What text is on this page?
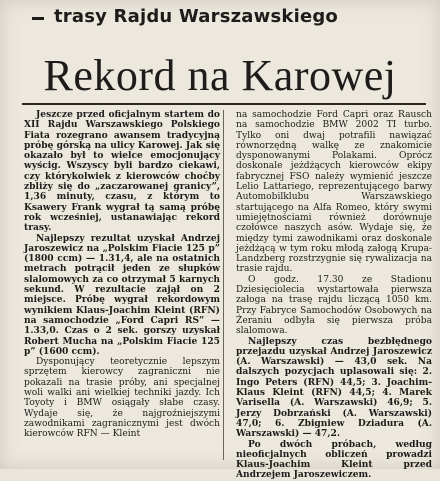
trasy Rajdu Warszawskiego
Rekord na Karowej

Jeszcze przed oficjalnym startem do XII Rajdu Warszawskiego Polskiego Fiata rozegrano awansem tradycyjną próbę górską na ulicy Karowej. Jak się okazało był to wielce emocjonujący wyścig. Wszyscy byli bardzo ciekawi, czy którykolwiek z kierowców choćby zbliży się do „zaczarowanej granicy”, 1,36 minuty, czasu, z którym to Ksawery Frank wygrał tą samą próbę rok wcześniej, ustanawiając rekord trasy.

Najlepszy rezultat uzyskał Andrzej Jaroszewicz na „Polskim Fiacie 125 p” (1800 ccm) — 1.31,4, ale na ostatnich metrach potrącił jeden ze słupków slalomowych za co otrzymał 5 karnych sekund. W rezultacie zajął on 2 miejsce. Próbę wygrał rekordowym wynikiem Klaus-Joachim Kleint (RFN) na samochodzie „Ford Capri RS” — 1.33,0. Czas o 2 sek. gorszy uzyskał Robert Mucha na „Polskim Fiacie 125 p” (1600 ccm).

Dysponujący teoretycznie lepszym sprzętem kierowcy zagraniczni nie pokazali na trasie próby, ani specjalnej woli walki ani wielkiej techniki jazdy. Ich Toyoty i BMW osiągały słabe czasy. Wydaje się, że najgroźniejszymi zawodnikami zagranicznymi jest dwóch kierowców RFN — Kleint

na samochodzie Ford Capri oraz Rausch na samochodzie BMW 2002 TI turbo. Tylko oni dwaj potrafili nawiązać równorzędną walkę ze znakomicie dysponowanymi Polakami. Oprócz doskonale jeżdżących kierowców ekipy fabrycznej FSO należy wymienić jeszcze Lelio Lattariego, reprezentującego barwy Automobilklubu Warszawskiego startującego na Alfa Romeo, który swymi umiejętnościami również dorównuje czołówce naszych asów. Wydaje się, że między tymi zawodnikami oraz doskonale jeżdżącą w tym roku młodą załogą Krupa-Landzberg rozstrzygnie się rywalizacja na trasie rajdu.

O godz. 17.30 ze Stadionu Dziesięciolecia wystartowała pierwsza załoga na trasę rajdu liczącą 1050 km. Przy Fabryce Samochodów Osobowych na Żeraniu odbyła się pierwsza próba slalomowa.

Najlepszy czas bezbłędnego przejazdu uzyskał Andrzej Jaroszewicz (A. Warszawski) — 43,0 sek. Na dalszych pozycjach uplasowali się: 2. Ingo Peters (RFN) 44,5; 3. Joachim-Klaus Kleint (RFN) 44,5; 4. Marek Varisella (A. Warszawski) 46,9; 5. Jerzy Dobrzański (A. Warszawski) 47,0; 6. Zbigniew Dziadura (A. Warszawski) — 47,2.

Po dwóch próbach, według nieoficjalnych obliczeń prowadzi Klaus-Joachim Kleint przed Andrzejem Jaroszewiczem.
